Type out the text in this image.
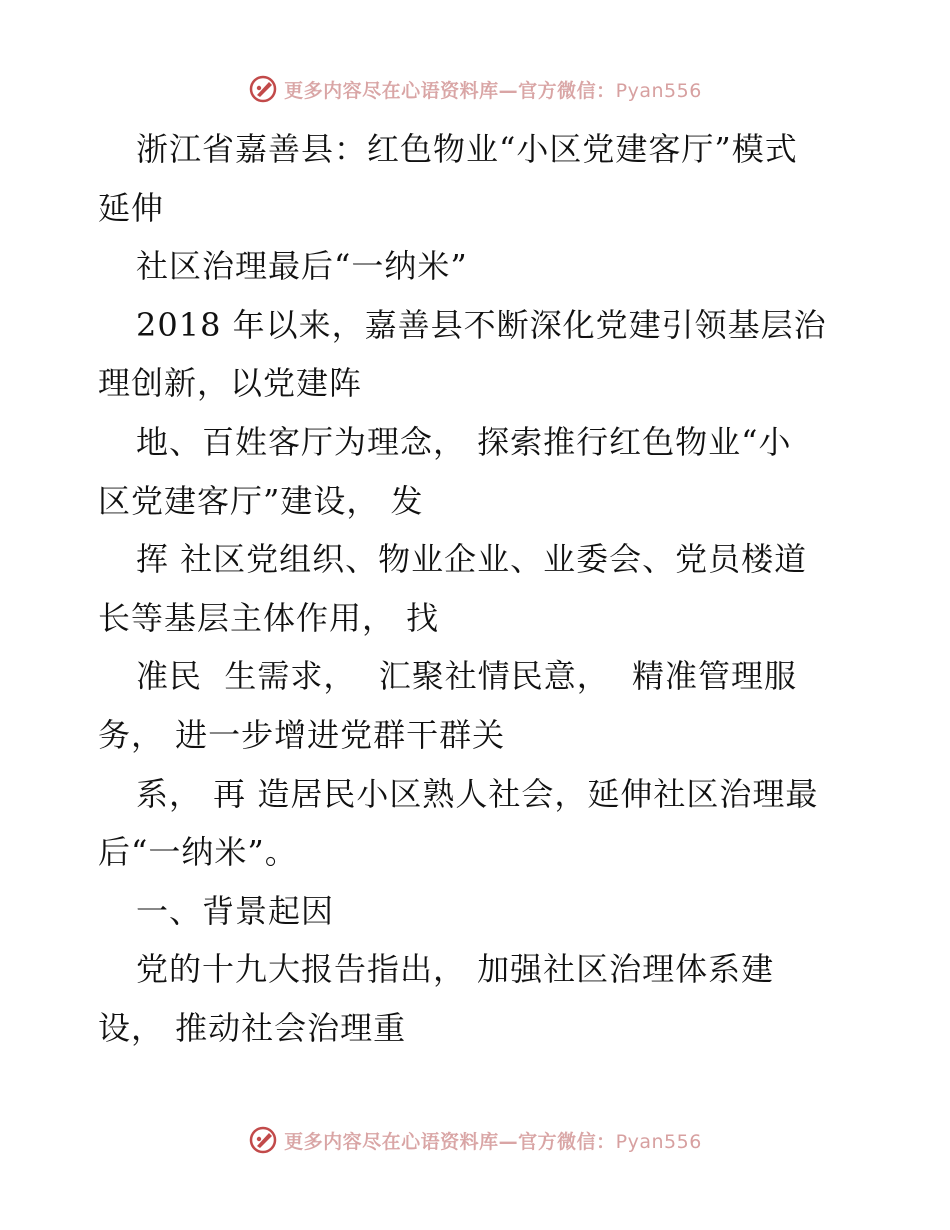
更多内容尽在心语资料库—官方微信：Pyan556
浙江省嘉善县：红色物业“小区党建客厅”模式
延伸
社区治理最后“一纳米”
2018 年以来，嘉善县不断深化党建引领基层治
理创新，以党建阵
地、百姓客厅为理念， 探索推行红色物业“小
区党建客厅”建设， 发
挥 社区党组织、物业企业、业委会、党员楼道
长等基层主体作用， 找
准民  生需求，  汇聚社情民意，  精准管理服
务， 进一步增进党群干群关
系， 再 造居民小区熟人社会，延伸社区治理最
后“一纳米”。
一、背景起因
党的十九大报告指出， 加强社区治理体系建
设， 推动社会治理重
更多内容尽在心语资料库—官方微信：Pyan556
